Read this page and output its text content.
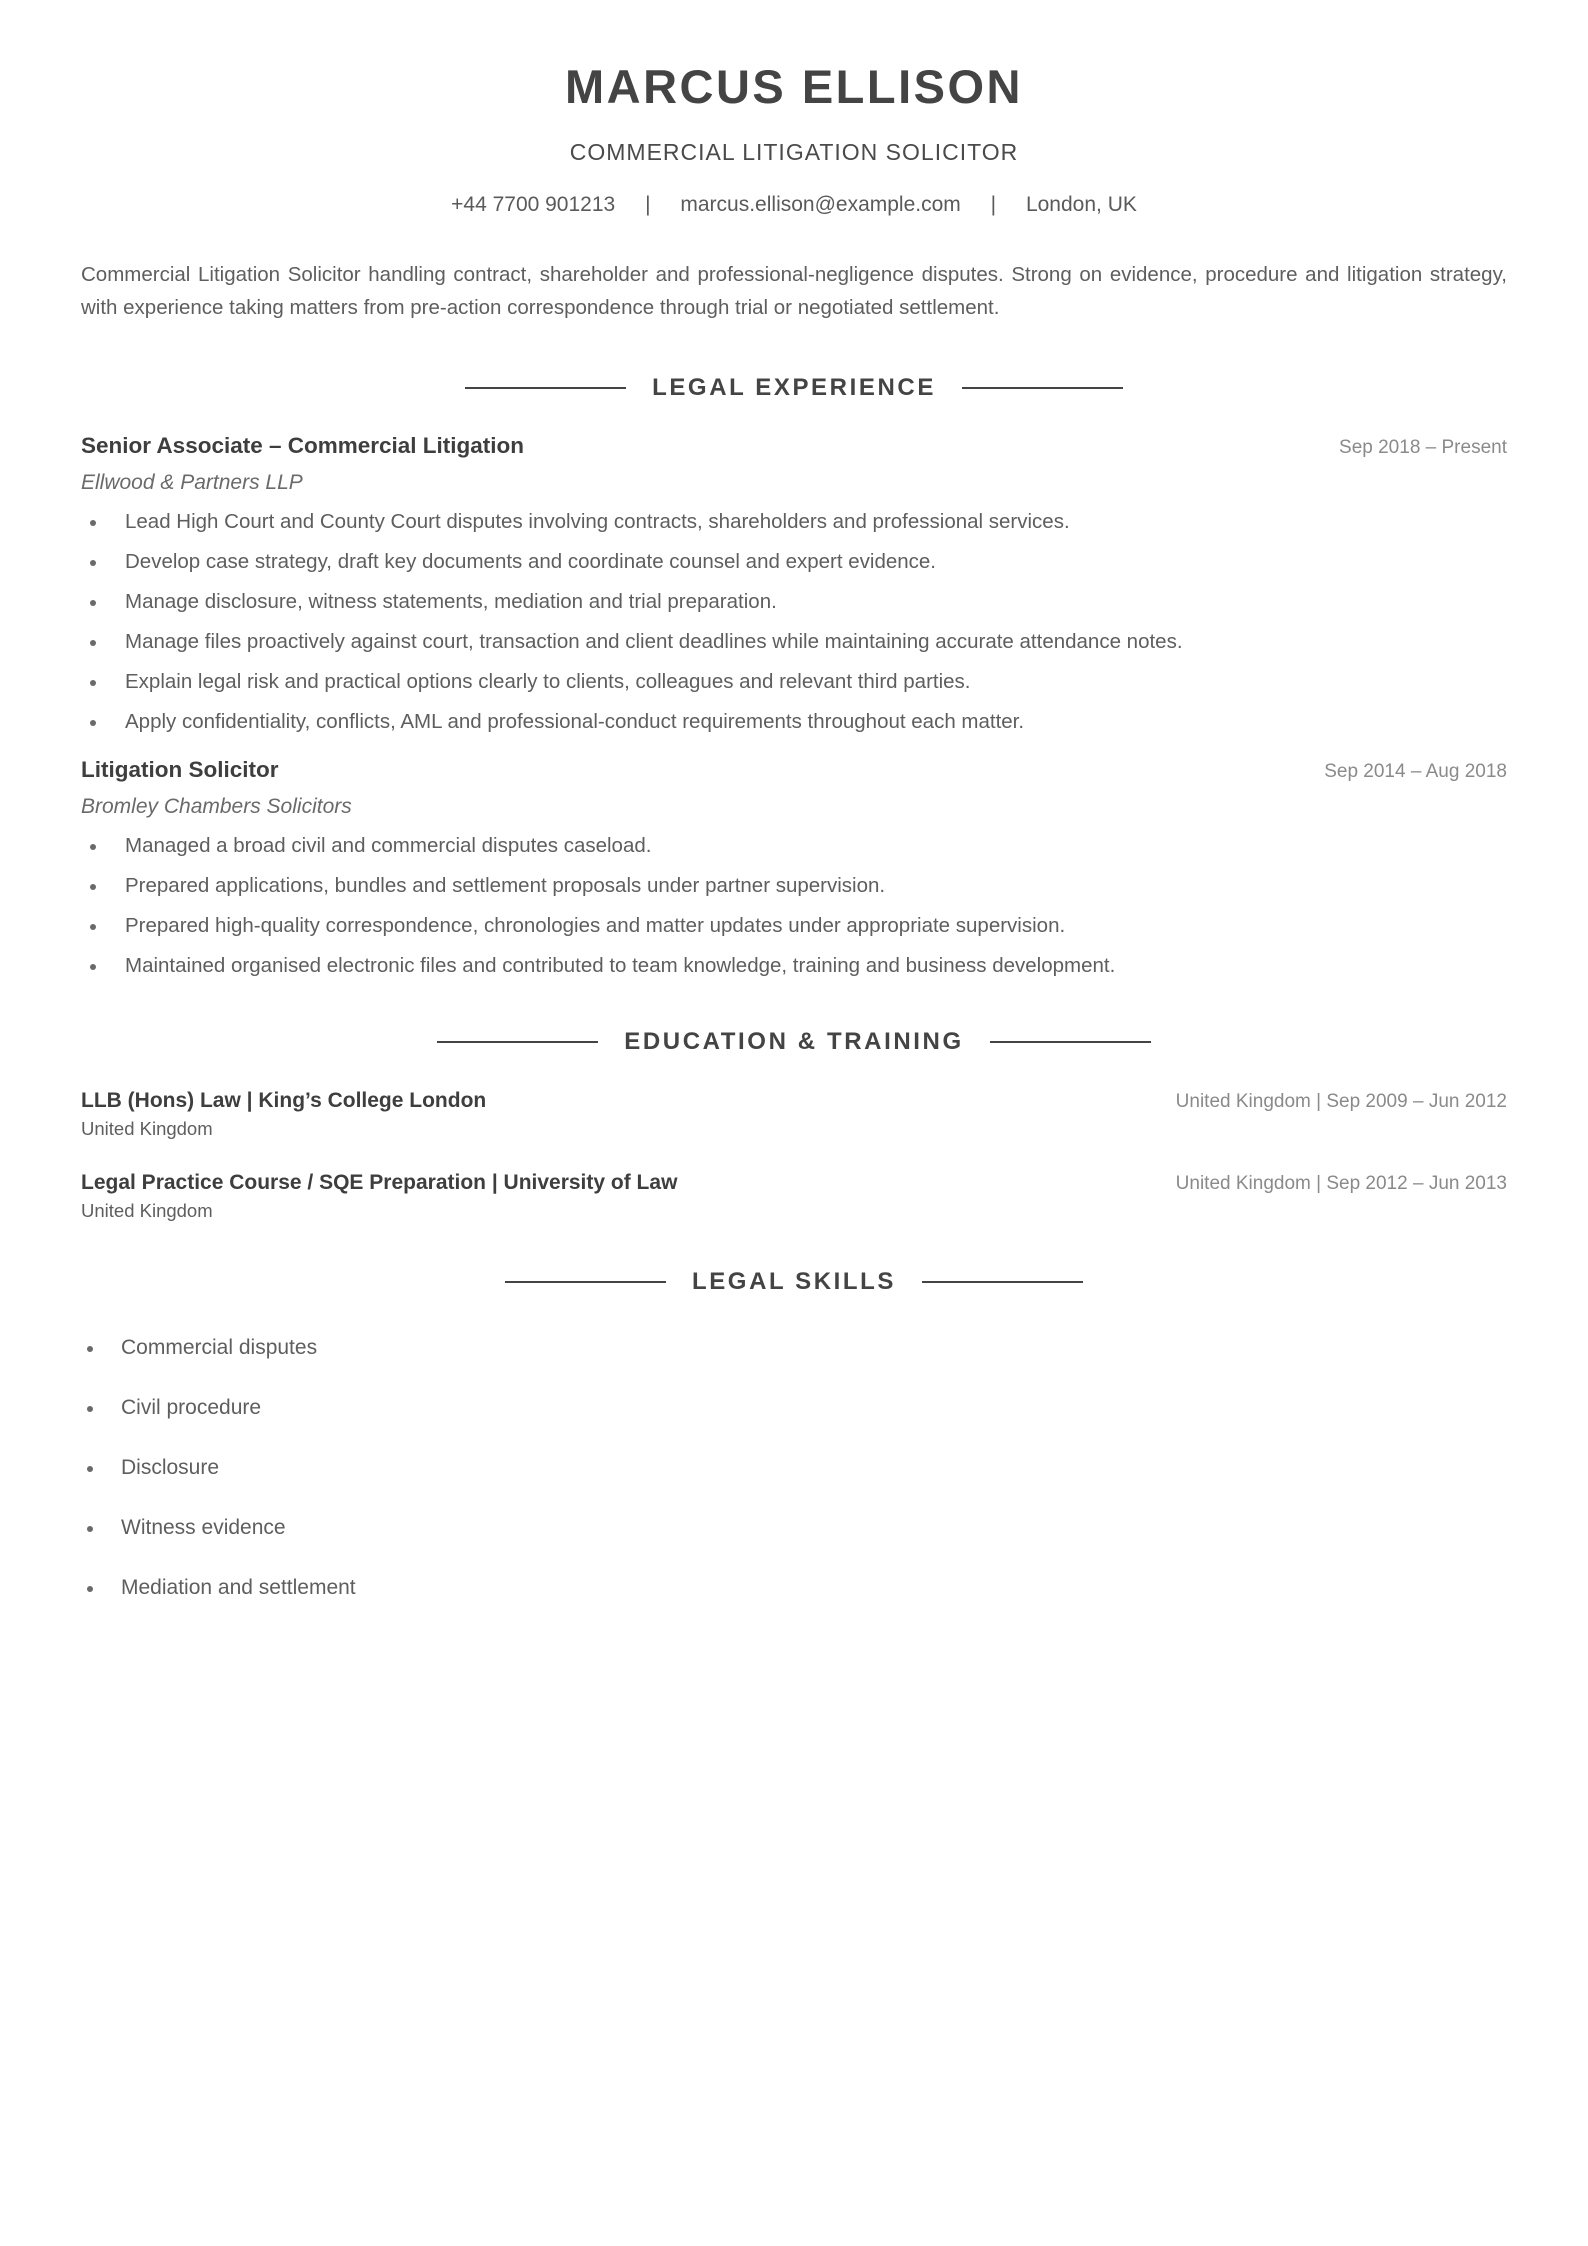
MARCUS ELLISON
COMMERCIAL LITIGATION SOLICITOR
+44 7700 901213 | marcus.ellison@example.com | London, UK

Commercial Litigation Solicitor handling contract, shareholder and professional-negligence disputes. Strong on evidence, procedure and litigation strategy, with experience taking matters from pre-action correspondence through trial or negotiated settlement.

LEGAL EXPERIENCE
Senior Associate – Commercial Litigation	Sep 2018 – Present
Ellwood & Partners LLP
Lead High Court and County Court disputes involving contracts, shareholders and professional services.
Develop case strategy, draft key documents and coordinate counsel and expert evidence.
Manage disclosure, witness statements, mediation and trial preparation.
Manage files proactively against court, transaction and client deadlines while maintaining accurate attendance notes.
Explain legal risk and practical options clearly to clients, colleagues and relevant third parties.
Apply confidentiality, conflicts, AML and professional-conduct requirements throughout each matter.
Litigation Solicitor	Sep 2014 – Aug 2018
Bromley Chambers Solicitors
Managed a broad civil and commercial disputes caseload.
Prepared applications, bundles and settlement proposals under partner supervision.
Prepared high-quality correspondence, chronologies and matter updates under appropriate supervision.
Maintained organised electronic files and contributed to team knowledge, training and business development.
EDUCATION & TRAINING
LLB (Hons) Law | King’s College London	United Kingdom | Sep 2009 – Jun 2012
United Kingdom
Legal Practice Course / SQE Preparation | University of Law	United Kingdom | Sep 2012 – Jun 2013
United Kingdom
LEGAL SKILLS
Commercial disputes
Civil procedure
Disclosure
Witness evidence
Mediation and settlement
